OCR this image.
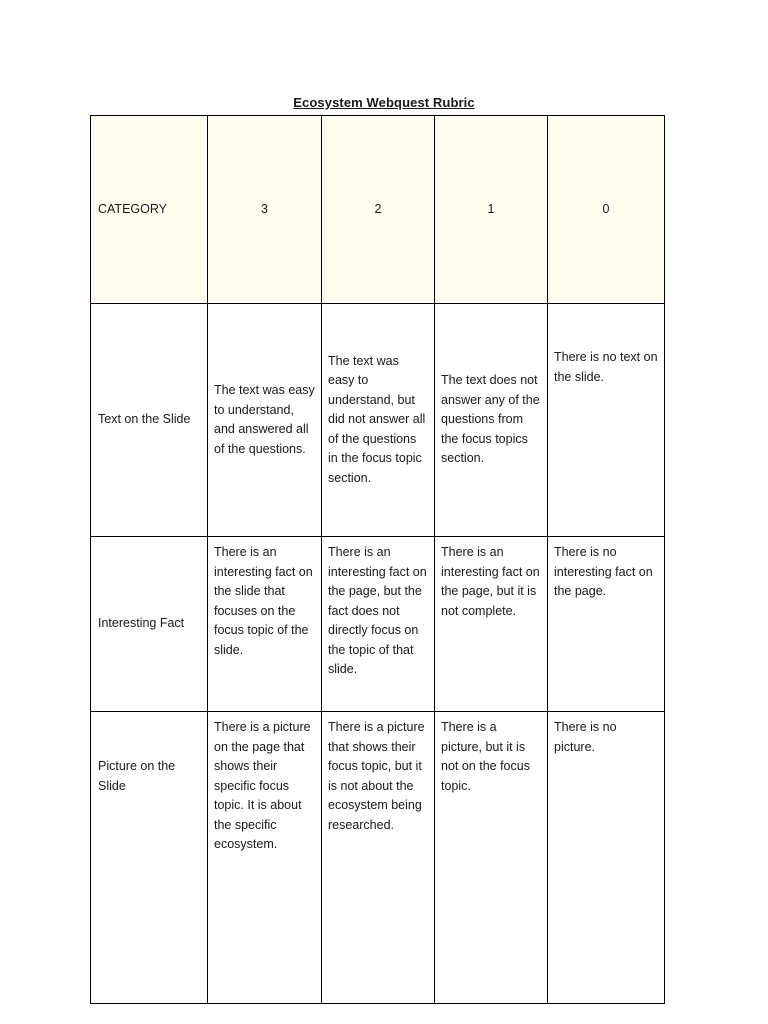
Ecosystem Webquest Rubric
CATEGORY	3	2	1	0
Text on the Slide	The text was easy to understand, and answered all of the questions.	The text was easy to understand, but did not answer all of the questions in the focus topic section.	The text does not answer any of the questions from the focus topics section.	There is no text on the slide.
Interesting Fact	There is an interesting fact on the slide that focuses on the focus topic of the slide.	There is an interesting fact on the page, but the fact does not directly focus on the topic of that slide.	There is an interesting fact on the page, but it is not complete.	There is no interesting fact on the page.
Picture on the Slide	There is a picture on the page that shows their specific focus topic. It is about the specific ecosystem.	There is a picture that shows their focus topic, but it is not about the ecosystem being researched.	There is a picture, but it is not on the focus topic.	There is no picture.
